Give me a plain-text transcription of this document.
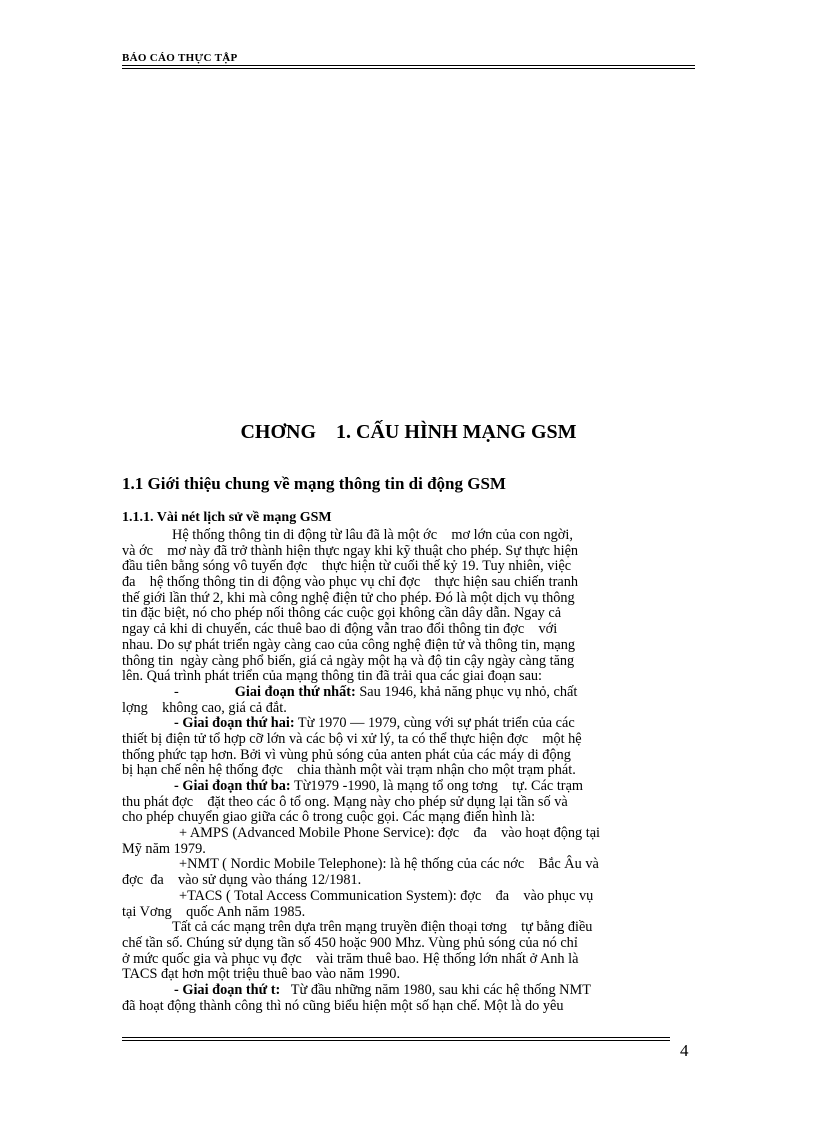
BÁO CÁO THỰC TẬP
CHƠNG    1. CẤU HÌNH MẠNG GSM
1.1 Giới thiệu chung về mạng thông tin di động GSM
1.1.1. Vài nét lịch sử về mạng GSM
Hệ thống thông tin di động từ lâu đã là một ớc    mơ lớn của con ngời,
và ớc    mơ này đã trở thành hiện thực ngay khi kỹ thuật cho phép. Sự thực hiện
đầu tiên bằng sóng vô tuyến đợc    thực hiện từ cuối thế kỷ 19. Tuy nhiên, việc
đa    hệ thống thông tin di động vào phục vụ chỉ đợc    thực hiện sau chiến tranh
thế giới lần thứ 2, khi mà công nghệ điện tử cho phép. Đó là một dịch vụ thông
tin đặc biệt, nó cho phép nối thông các cuộc gọi không cần dây dẫn. Ngay cả
ngay cả khi di chuyển, các thuê bao di động vẫn trao đổi thông tin đợc    với
nhau. Do sự phát triển ngày càng cao của công nghệ điện tử và thông tin, mạng
thông tin  ngày càng phổ biến, giá cả ngày một hạ và độ tin cậy ngày càng tăng
lên. Quá trình phát triển của mạng thông tin đã trải qua các giai đoạn sau:
-	Giai đoạn thứ nhất: Sau 1946, khả năng phục vụ nhỏ, chất
lợng    không cao, giá cả đắt.
- Giai đoạn thứ hai: Từ 1970 — 1979, cùng với sự phát triển của các
thiết bị điện tử tổ hợp cỡ lớn và các bộ vi xử lý, ta có thể thực hiện đợc    một hệ
thống phức tạp hơn. Bởi vì vùng phủ sóng của anten phát của các máy di động
bị hạn chế nên hệ thống đợc    chia thành một vài trạm nhận cho một trạm phát.
- Giai đoạn thứ ba: Từ1979 -1990, là mạng tổ ong tơng    tự. Các trạm
thu phát đợc    đặt theo các ô tổ ong. Mạng này cho phép sử dụng lại tần số và
cho phép chuyển giao giữa các ô trong cuộc gọi. Các mạng điển hình là:
+ AMPS (Advanced Mobile Phone Service): đợc    đa    vào hoạt động tại
Mỹ năm 1979.
+NMT ( Nordic Mobile Telephone): là hệ thống của các nớc    Bắc Âu và
đợc  đa    vào sử dụng vào tháng 12/1981.
+TACS ( Total Access Communication System): đợc    đa    vào phục vụ
tại Vơng    quốc Anh năm 1985.
Tất cả các mạng trên dựa trên mạng truyền điện thoại tơng    tự bằng điều
chế tần số. Chúng sử dụng tần số 450 hoặc 900 Mhz. Vùng phủ sóng của nó chỉ
ở mức quốc gia và phục vụ đợc    vài trăm thuê bao. Hệ thống lớn nhất ở Anh là
TACS đạt hơn một triệu thuê bao vào năm 1990.
- Giai đoạn thứ t:   Từ đầu những năm 1980, sau khi các hệ thống NMT
đã hoạt động thành công thì nó cũng biểu hiện một số hạn chế. Một là do yêu
4
